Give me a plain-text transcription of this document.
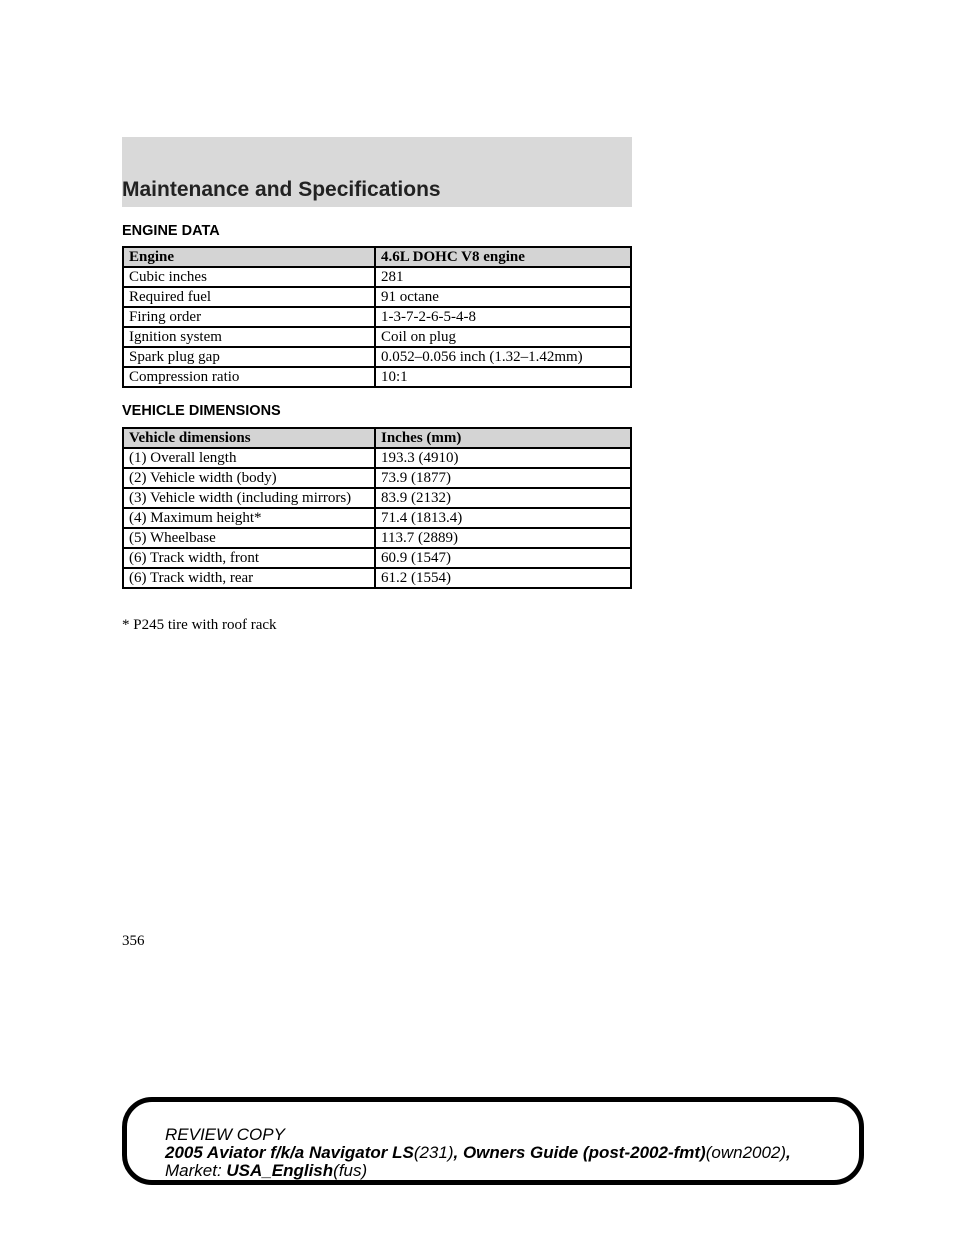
Maintenance and Specifications
ENGINE DATA
Engine	4.6L DOHC V8 engine
Cubic inches	281
Required fuel	91 octane
Firing order	1-3-7-2-6-5-4-8
Ignition system	Coil on plug
Spark plug gap	0.052–0.056 inch (1.32–1.42mm)
Compression ratio	10:1
VEHICLE DIMENSIONS
Vehicle dimensions	Inches (mm)
(1) Overall length	193.3 (4910)
(2) Vehicle width (body)	73.9 (1877)
(3) Vehicle width (including mirrors)	83.9 (2132)
(4) Maximum height*	71.4 (1813.4)
(5) Wheelbase	113.7 (2889)
(6) Track width, front	60.9 (1547)
(6) Track width, rear	61.2 (1554)
* P245 tire with roof rack
356
REVIEW COPY
2005 Aviator f/k/a Navigator LS(231), Owners Guide (post-2002-fmt)(own2002),
Market: USA_English(fus)
